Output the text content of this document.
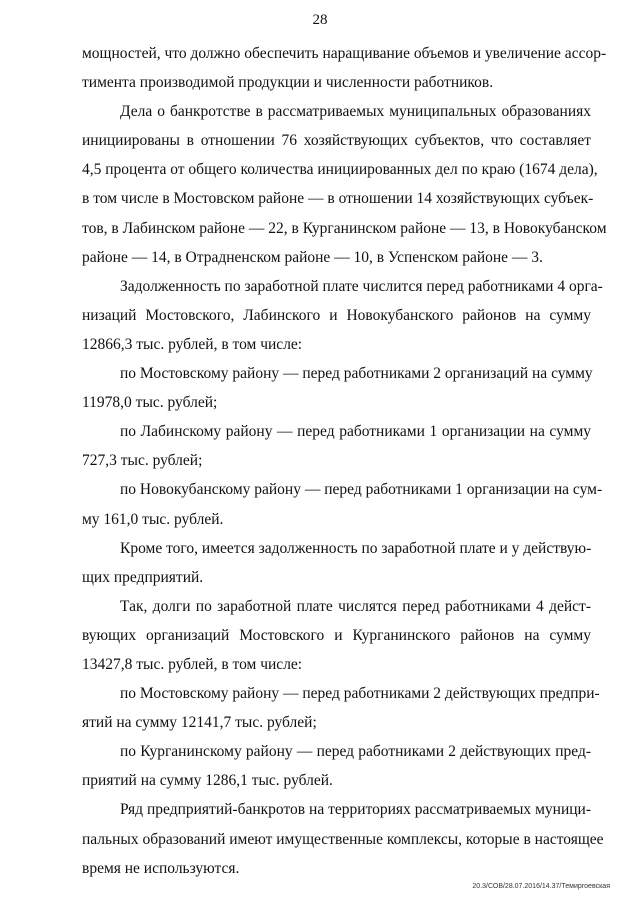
28
мощностей, что должно обеспечить наращивание объемов и увеличение ассор-
тимента производимой продукции и численности работников.
Дела о банкротстве в рассматриваемых муниципальных образованиях
инициированы в отношении 76 хозяйствующих субъектов, что составляет
4,5 процента от общего количества инициированных дел по краю (1674 дела),
в том числе в Мостовском районе — в отношении 14 хозяйствующих субъек-
тов, в Лабинском районе — 22, в Курганинском районе — 13, в Новокубанском
районе — 14, в Отрадненском районе — 10, в Успенском районе — 3.
Задолженность по заработной плате числится перед работниками 4 орга-
низаций Мостовского, Лабинского и Новокубанского районов на сумму
12866,3 тыс. рублей, в том числе:
по Мостовскому району — перед работниками 2 организаций на сумму
11978,0 тыс. рублей;
по Лабинскому району — перед работниками 1 организации на сумму
727,3 тыс. рублей;
по Новокубанскому району — перед работниками 1 организации на сум-
му 161,0 тыс. рублей.
Кроме того, имеется задолженность по заработной плате и у действую-
щих предприятий.
Так, долги по заработной плате числятся перед работниками 4 дейст-
вующих организаций Мостовского и Курганинского районов на сумму
13427,8 тыс. рублей, в том числе:
по Мостовскому району — перед работниками 2 действующих предпри-
ятий на сумму 12141,7 тыс. рублей;
по Курганинскому району — перед работниками 2 действующих пред-
приятий на сумму 1286,1 тыс. рублей.
Ряд предприятий-банкротов на территориях рассматриваемых муници-
пальных образований имеют имущественные комплексы, которые в настоящее
время не используются.
20.3/СОВ/28.07.2016/14.37/Темиргоевская
